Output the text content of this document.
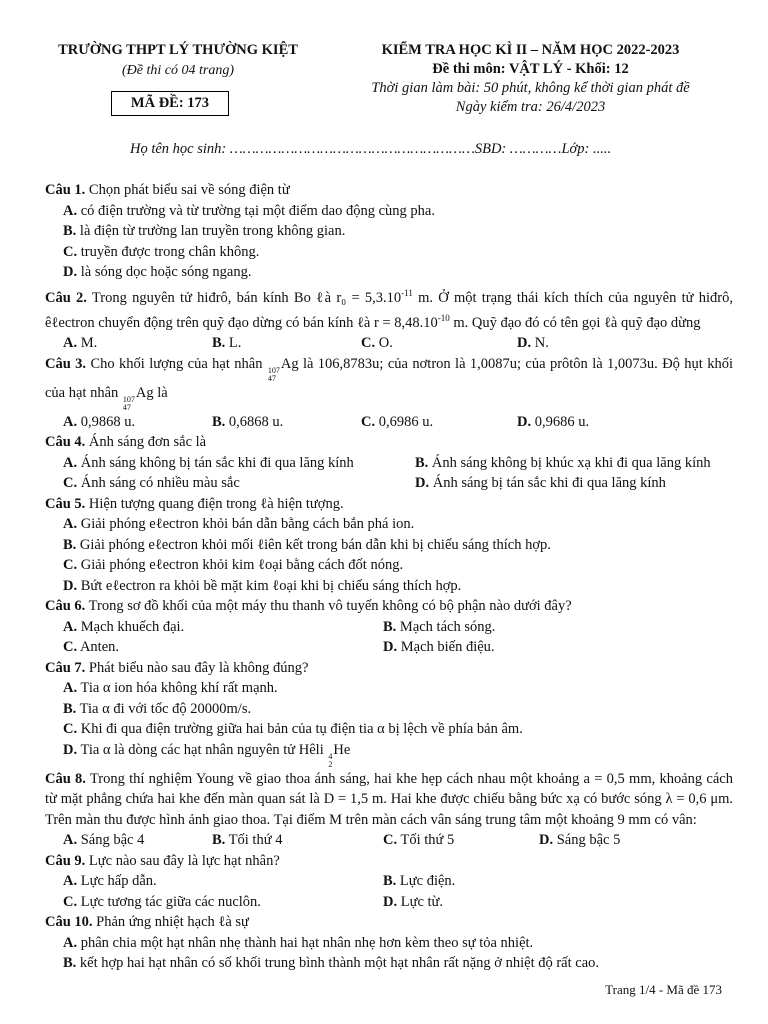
TRƯỜNG THPT LÝ THƯỜNG KIỆT
(Đề thi có 04 trang)
MÃ ĐỀ: 173
KIỂM TRA HỌC KÌ II – NĂM HỌC 2022-2023
Đề thi môn: VẬT LÝ - Khối: 12
Thời gian làm bài: 50 phút, không kể thời gian phát đề
Ngày kiểm tra: 26/4/2023
Họ tên học sinh: …………………………………………………SBD: …………Lớp: .....

Câu 1. Chọn phát biểu sai về sóng điện từ

A. có điện trường và từ trường tại một điểm dao động cùng pha.

B. là điện từ trường lan truyền trong không gian.

C. truyền được trong chân không.

D. là sóng dọc hoặc sóng ngang.

Câu 2. Trong nguyên tử hiđrô, bán kính Bo ℓà $r_0 = 5,3.10^{-11}$ m. Ở một trạng thái kích thích của nguyên tử hiđrô, êℓectron chuyển động trên quỹ đạo dừng có bán kính ℓà $r = 8,48.10^{-10}$ m. Quỹ đạo đó có tên gọi ℓà quỹ đạo dừng

A. M.	B. L.	C. O.	D. N.

Câu 3. Cho khối lượng của hạt nhân 107
47
Ag là 106,8783u; của nơtron là 1,0087u; của prôtôn là 1,0073u. Độ hụt khối của hạt nhân 107
47
Ag là

A. 0,9868 u.	B. 0,6868 u.	C. 0,6986 u.	D. 0,9686 u.

Câu 4. Ánh sáng đơn sắc là

A. Ánh sáng không bị tán sắc khi đi qua lăng kính	B. Ánh sáng không bị khúc xạ khi đi qua lăng kính
C. Ánh sáng có nhiều màu sắc	D. Ánh sáng bị tán sắc khi đi qua lăng kính

Câu 5. Hiện tượng quang điện trong ℓà hiện tượng.

A. Giải phóng eℓectron khỏi bán dẫn bằng cách bắn phá ion.

B. Giải phóng eℓectron khỏi mối ℓiên kết trong bán dẫn khi bị chiếu sáng thích hợp.

C. Giải phóng eℓectron khỏi kim ℓoại bằng cách đốt nóng.

D. Bứt eℓectron ra khỏi bề mặt kim ℓoại khi bị chiếu sáng thích hợp.

Câu 6. Trong sơ đồ khối của một máy thu thanh vô tuyến không có bộ phận nào dưới đây?

A. Mạch khuếch đại.	B. Mạch tách sóng.
C. Anten.	D. Mạch biến điệu.

Câu 7. Phát biểu nào sau đây là không đúng?

A. Tia α ion hóa không khí rất mạnh.

B. Tia α đi với tốc độ 20000m/s.

C. Khi đi qua điện trường giữa hai bản của tụ điện tia α bị lệch về phía bản âm.

D. Tia α là dòng các hạt nhân nguyên tử Hêli 4
2
He

Câu 8. Trong thí nghiệm Young về giao thoa ánh sáng, hai khe hẹp cách nhau một khoảng a = 0,5 mm, khoảng cách từ mặt phẳng chứa hai khe đến màn quan sát là D = 1,5 m. Hai khe được chiếu bằng bức xạ có bước sóng λ = 0,6 μm. Trên màn thu được hình ảnh giao thoa. Tại điểm M trên màn cách vân sáng trung tâm một khoảng 9 mm có vân:

A. Sáng bậc 4	B. Tối thứ 4	C. Tối thứ 5	D. Sáng bậc 5

Câu 9. Lực nào sau đây là lực hạt nhân?

A. Lực hấp dẫn.	B. Lực điện.
C. Lực tương tác giữa các nuclôn.	D. Lực từ.

Câu 10. Phản ứng nhiệt hạch ℓà sự

A. phân chia một hạt nhân nhẹ thành hai hạt nhân nhẹ hơn kèm theo sự tỏa nhiệt.

B. kết hợp hai hạt nhân có số khối trung bình thành một hạt nhân rất nặng ở nhiệt độ rất cao.

Trang 1/4 - Mã đề 173
